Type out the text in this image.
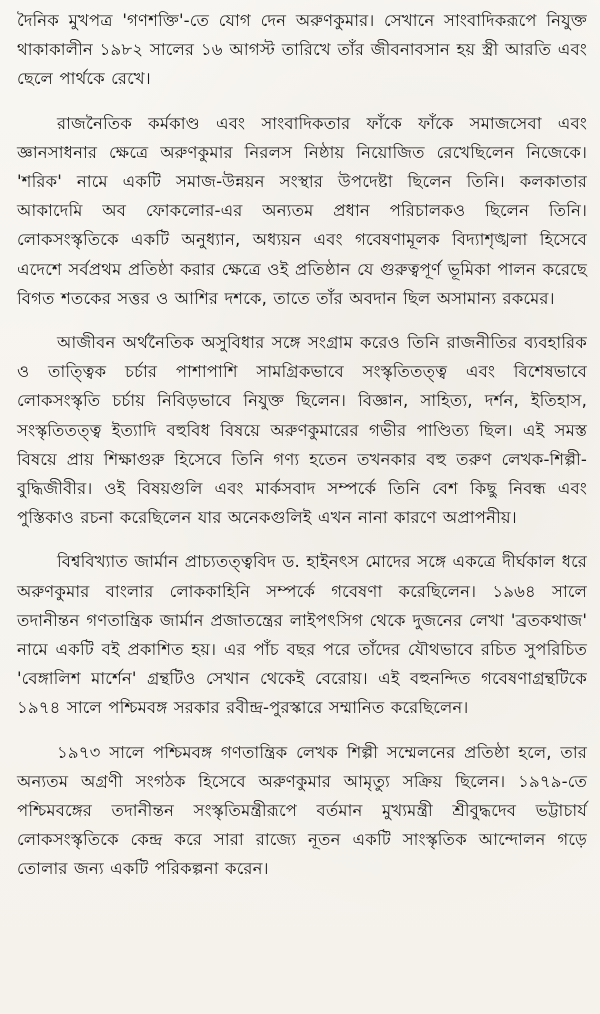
দৈনিক মুখপত্র 'গণশক্তি'-তে যোগ দেন অরুণকুমার। সেখানে সাংবাদিকরূপে নিযুক্ত থাকাকালীন ১৯৮২ সালের ১৬ আগস্ট তারিখে তাঁর জীবনাবসান হয় স্ত্রী আরতি এবং ছেলে পার্থকে রেখে।

রাজনৈতিক কর্মকাণ্ড এবং সাংবাদিকতার ফাঁকে ফাঁকে সমাজসেবা এবং জ্ঞানসাধনার ক্ষেত্রে অরুণকুমার নিরলস নিষ্ঠায় নিয়োজিত রেখেছিলেন নিজেকে। 'শরিক' নামে একটি সমাজ-উন্নয়ন সংস্থার উপদেষ্টা ছিলেন তিনি। কলকাতার আকাদেমি অব ফোকলোর-এর অন্যতম প্রধান পরিচালকও ছিলেন তিনি। লোকসংস্কৃতিকে একটি অনুধ্যান, অধ্যয়ন এবং গবেষণামূলক বিদ্যাশৃঙ্খলা হিসেবে এদেশে সর্বপ্রথম প্রতিষ্ঠা করার ক্ষেত্রে ওই প্রতিষ্ঠান যে গুরুত্বপূর্ণ ভূমিকা পালন করেছে বিগত শতকের সত্তর ও আশির দশকে, তাতে তাঁর অবদান ছিল অসামান্য রকমের।

আজীবন অর্থনৈতিক অসুবিধার সঙ্গে সংগ্রাম করেও তিনি রাজনীতির ব্যবহারিক ও তাত্ত্বিক চর্চার পাশাপাশি সামগ্রিকভাবে সংস্কৃতিতত্ত্ব এবং বিশেষভাবে লোকসংস্কৃতি চর্চায় নিবিড়ভাবে নিযুক্ত ছিলেন। বিজ্ঞান, সাহিত্য, দর্শন, ইতিহাস, সংস্কৃতিতত্ত্ব ইত্যাদি বহুবিধ বিষয়ে অরুণকুমারের গভীর পাণ্ডিত্য ছিল। এই সমস্ত বিষয়ে প্রায় শিক্ষাগুরু হিসেবে তিনি গণ্য হতেন তখনকার বহু তরুণ লেখক-শিল্পী-বুদ্ধিজীবীর। ওই বিষয়গুলি এবং মার্কসবাদ সম্পর্কে তিনি বেশ কিছু নিবন্ধ এবং পুস্তিকাও রচনা করেছিলেন যার অনেকগুলিই এখন নানা কারণে অপ্রাপনীয়।

বিশ্ববিখ্যাত জার্মান প্রাচ্যতত্ত্ববিদ ড. হাইনৎস মোদের সঙ্গে একত্রে দীর্ঘকাল ধরে অরুণকুমার বাংলার লোককাহিনি সম্পর্কে গবেষণা করেছিলেন। ১৯৬৪ সালে তদানীন্তন গণতান্ত্রিক জার্মান প্রজাতন্ত্রের লাইপৎসিগ থেকে দুজনের লেখা 'ব্রতকথাজ' নামে একটি বই প্রকাশিত হয়। এর পাঁচ বছর পরে তাঁদের যৌথভাবে রচিত সুপরিচিত 'বেঙ্গালিশ মার্শেন' গ্রন্থটিও সেখান থেকেই বেরোয়। এই বহুনন্দিত গবেষণাগ্রন্থটিকে ১৯৭৪ সালে পশ্চিমবঙ্গ সরকার রবীন্দ্র-পুরস্কারে সম্মানিত করেছিলেন।

১৯৭৩ সালে পশ্চিমবঙ্গ গণতান্ত্রিক লেখক শিল্পী সম্মেলনের প্রতিষ্ঠা হলে, তার অন্যতম অগ্রণী সংগঠক হিসেবে অরুণকুমার আমৃত্যু সক্রিয় ছিলেন। ১৯৭৯-তে পশ্চিমবঙ্গের তদানীন্তন সংস্কৃতিমন্ত্রীরূপে বর্তমান মুখ্যমন্ত্রী শ্রীবুদ্ধদেব ভট্টাচার্য লোকসংস্কৃতিকে কেন্দ্র করে সারা রাজ্যে নূতন একটি সাংস্কৃতিক আন্দোলন গড়ে তোলার জন্য একটি পরিকল্পনা করেন।
